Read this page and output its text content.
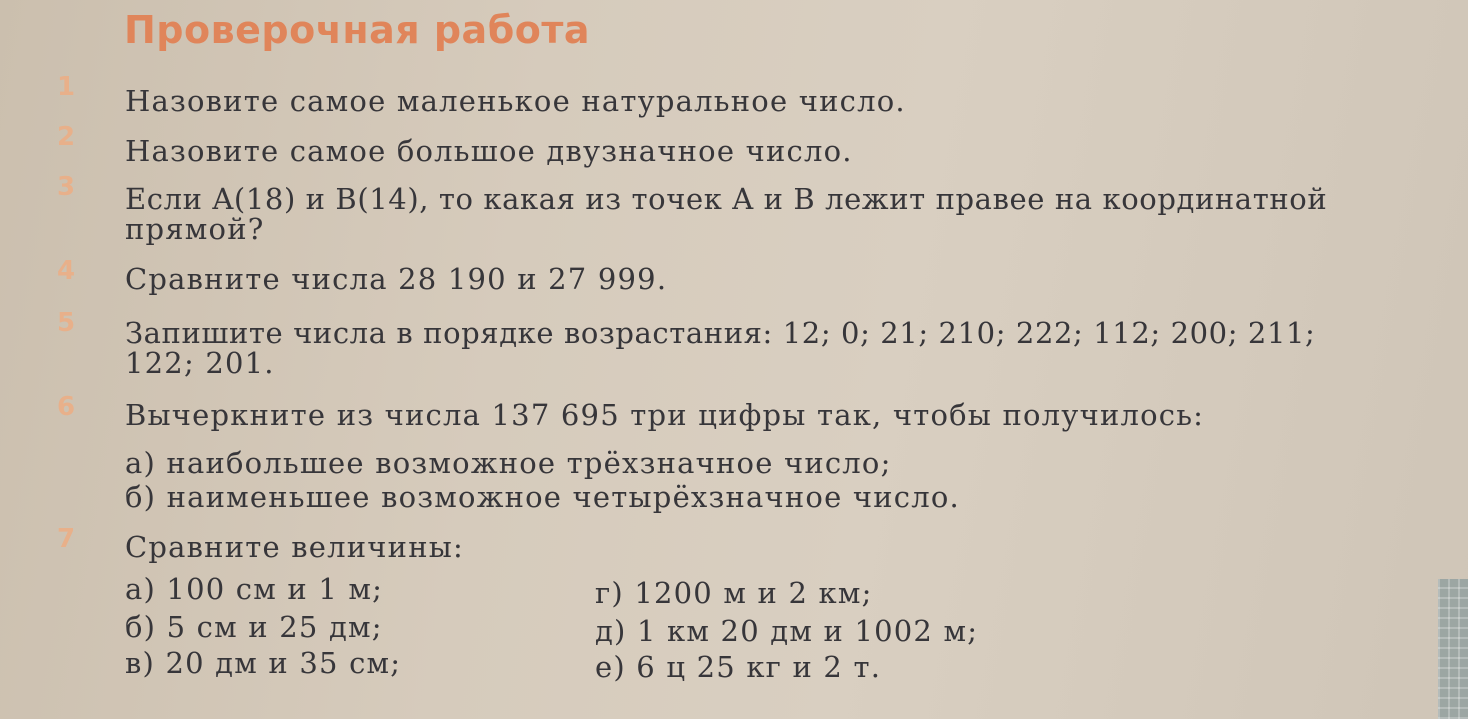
Проверочная работа
1 Назовите самое маленькое натуральное число.
2 Назовите самое большое двузначное число.
3 Если A(18) и B(14), то какая из точек A и B лежит правее на координатной
прямой?
4 Сравните числа 28 190 и 27 999.
5 Запишите числа в порядке возрастания: 12; 0; 21; 210; 222; 112; 200; 211;
122; 201.
6 Вычеркните из числа 137 695 три цифры так, чтобы получилось:
а) наибольшее возможное трёхзначное число;
б) наименьшее возможное четырёхзначное число.
7 Сравните величины:
а) 100 см и 1 м;
б) 5 см и 25 дм;
в) 20 дм и 35 см;
г) 1200 м и 2 км;
д) 1 км 20 дм и 1002 м;
е) 6 ц 25 кг и 2 т.
